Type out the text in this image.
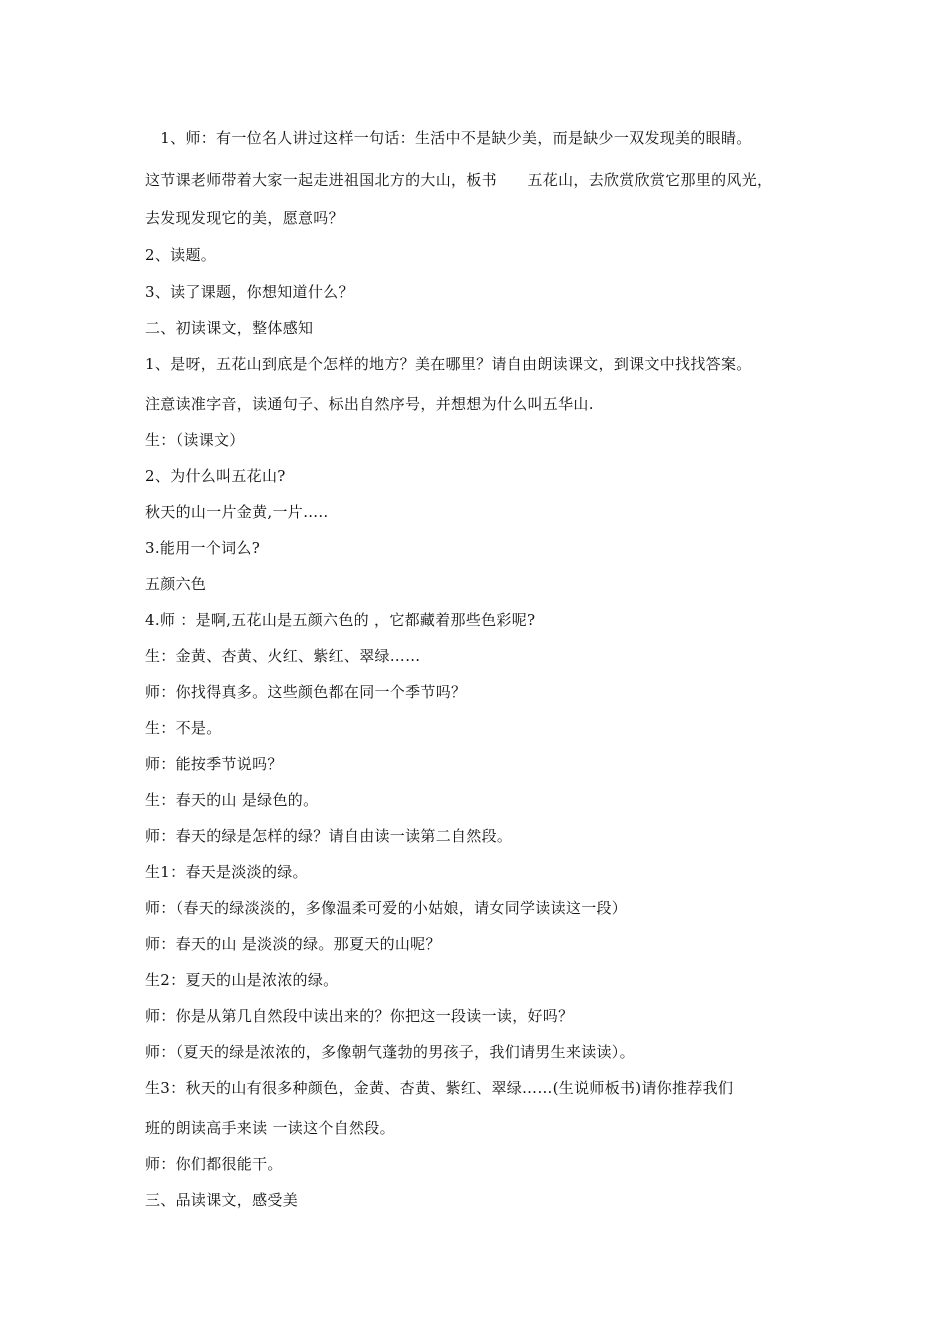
　1、师：有一位名人讲过这样一句话：生活中不是缺少美，而是缺少一双发现美的眼睛。
这节课老师带着大家一起走进祖国北方的大山，板书　　五花山，去欣赏欣赏它那里的风光，
去发现发现它的美，愿意吗？
2、读题。
3、读了课题，你想知道什么？
二、初读课文，整体感知
1、是呀，五花山到底是个怎样的地方？美在哪里？请自由朗读课文，到课文中找找答案。
注意读准字音，读通句子、标出自然序号，并想想为什么叫五华山.
生：（读课文）
2、为什么叫五花山?
秋天的山一片金黄,一片…..
3.能用一个词么?
五颜六色
4.师 ：是啊,五花山是五颜六色的 ，它都藏着那些色彩呢?
生：金黄、杏黄、火红、紫红、翠绿……
师：你找得真多。这些颜色都在同一个季节吗？
生：不是。
师：能按季节说吗？
生：春天的山 是绿色的。
师：春天的绿是怎样的绿？请自由读一读第二自然段。
生1：春天是淡淡的绿。
师：（春天的绿淡淡的，多像温柔可爱的小姑娘，请女同学读读这一段）
师：春天的山 是淡淡的绿。那夏天的山呢？
生2：夏天的山是浓浓的绿。
师：你是从第几自然段中读出来的？你把这一段读一读，好吗？
师：（夏天的绿是浓浓的，多像朝气蓬勃的男孩子，我们请男生来读读）。
生3：秋天的山有很多种颜色，金黄、杏黄、紫红、翠绿……(生说师板书)请你推荐我们
班的朗读高手来读 一读这个自然段。
师：你们都很能干。
三、品读课文，感受美
